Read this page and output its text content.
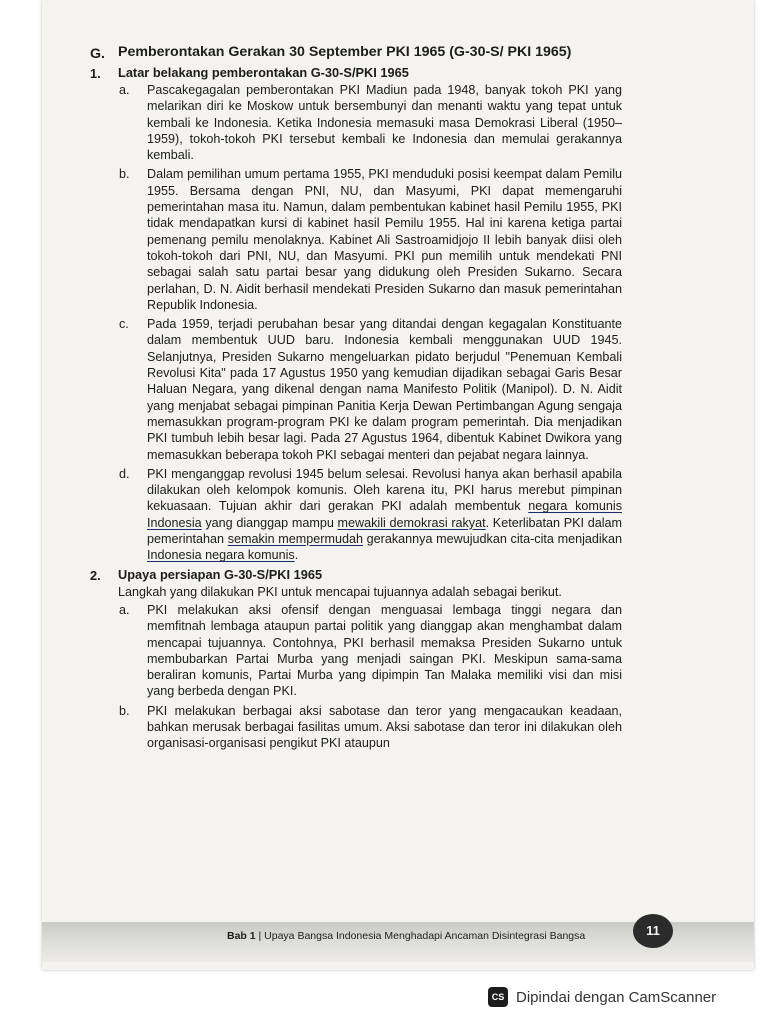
G. Pemberontakan Gerakan 30 September PKI 1965 (G-30-S/ PKI 1965)
1. Latar belakang pemberontakan G-30-S/PKI 1965
a. Pascakegagalan pemberontakan PKI Madiun pada 1948, banyak tokoh PKI yang melarikan diri ke Moskow untuk bersembunyi dan menanti waktu yang tepat untuk kembali ke Indonesia. Ketika Indonesia memasuki masa Demokrasi Liberal (1950–1959), tokoh-tokoh PKI tersebut kembali ke Indonesia dan memulai gerakannya kembali.
b. Dalam pemilihan umum pertama 1955, PKI menduduki posisi keempat dalam Pemilu 1955. Bersama dengan PNI, NU, dan Masyumi, PKI dapat memengaruhi pemerintahan masa itu. Namun, dalam pembentukan kabinet hasil Pemilu 1955, PKI tidak mendapatkan kursi di kabinet hasil Pemilu 1955. Hal ini karena ketiga partai pemenang pemilu menolaknya. Kabinet Ali Sastroamidjojo II lebih banyak diisi oleh tokoh-tokoh dari PNI, NU, dan Masyumi. PKI pun memilih untuk mendekati PNI sebagai salah satu partai besar yang didukung oleh Presiden Sukarno. Secara perlahan, D. N. Aidit berhasil mendekati Presiden Sukarno dan masuk pemerintahan Republik Indonesia.
c. Pada 1959, terjadi perubahan besar yang ditandai dengan kegagalan Konstituante dalam membentuk UUD baru. Indonesia kembali menggunakan UUD 1945. Selanjutnya, Presiden Sukarno mengeluarkan pidato berjudul "Penemuan Kembali Revolusi Kita" pada 17 Agustus 1950 yang kemudian dijadikan sebagai Garis Besar Haluan Negara, yang dikenal dengan nama Manifesto Politik (Manipol). D. N. Aidit yang menjabat sebagai pimpinan Panitia Kerja Dewan Pertimbangan Agung sengaja memasukkan program-program PKI ke dalam program pemerintah. Dia menjadikan PKI tumbuh lebih besar lagi. Pada 27 Agustus 1964, dibentuk Kabinet Dwikora yang memasukkan beberapa tokoh PKI sebagai menteri dan pejabat negara lainnya.
d. PKI menganggap revolusi 1945 belum selesai. Revolusi hanya akan berhasil apabila dilakukan oleh kelompok komunis. Oleh karena itu, PKI harus merebut pimpinan kekuasaan. Tujuan akhir dari gerakan PKI adalah membentuk negara komunis Indonesia yang dianggap mampu mewakili demokrasi rakyat. Keterlibatan PKI dalam pemerintahan semakin mempermudah gerakannya mewujudkan cita-cita menjadikan Indonesia negara komunis.
2. Upaya persiapan G-30-S/PKI 1965
Langkah yang dilakukan PKI untuk mencapai tujuannya adalah sebagai berikut.
a. PKI melakukan aksi ofensif dengan menguasai lembaga tinggi negara dan memfitnah lembaga ataupun partai politik yang dianggap akan menghambat dalam mencapai tujuannya. Contohnya, PKI berhasil memaksa Presiden Sukarno untuk membubarkan Partai Murba yang menjadi saingan PKI. Meskipun sama-sama beraliran komunis, Partai Murba yang dipimpin Tan Malaka memiliki visi dan misi yang berbeda dengan PKI.
b. PKI melakukan berbagai aksi sabotase dan teror yang mengacaukan keadaan, bahkan merusak berbagai fasilitas umum. Aksi sabotase dan teror ini dilakukan oleh organisasi-organisasi pengikut PKI ataupun
Bab 1 | Upaya Bangsa Indonesia Menghadapi Ancaman Disintegrasi Bangsa	11
CS Dipindai dengan CamScanner
